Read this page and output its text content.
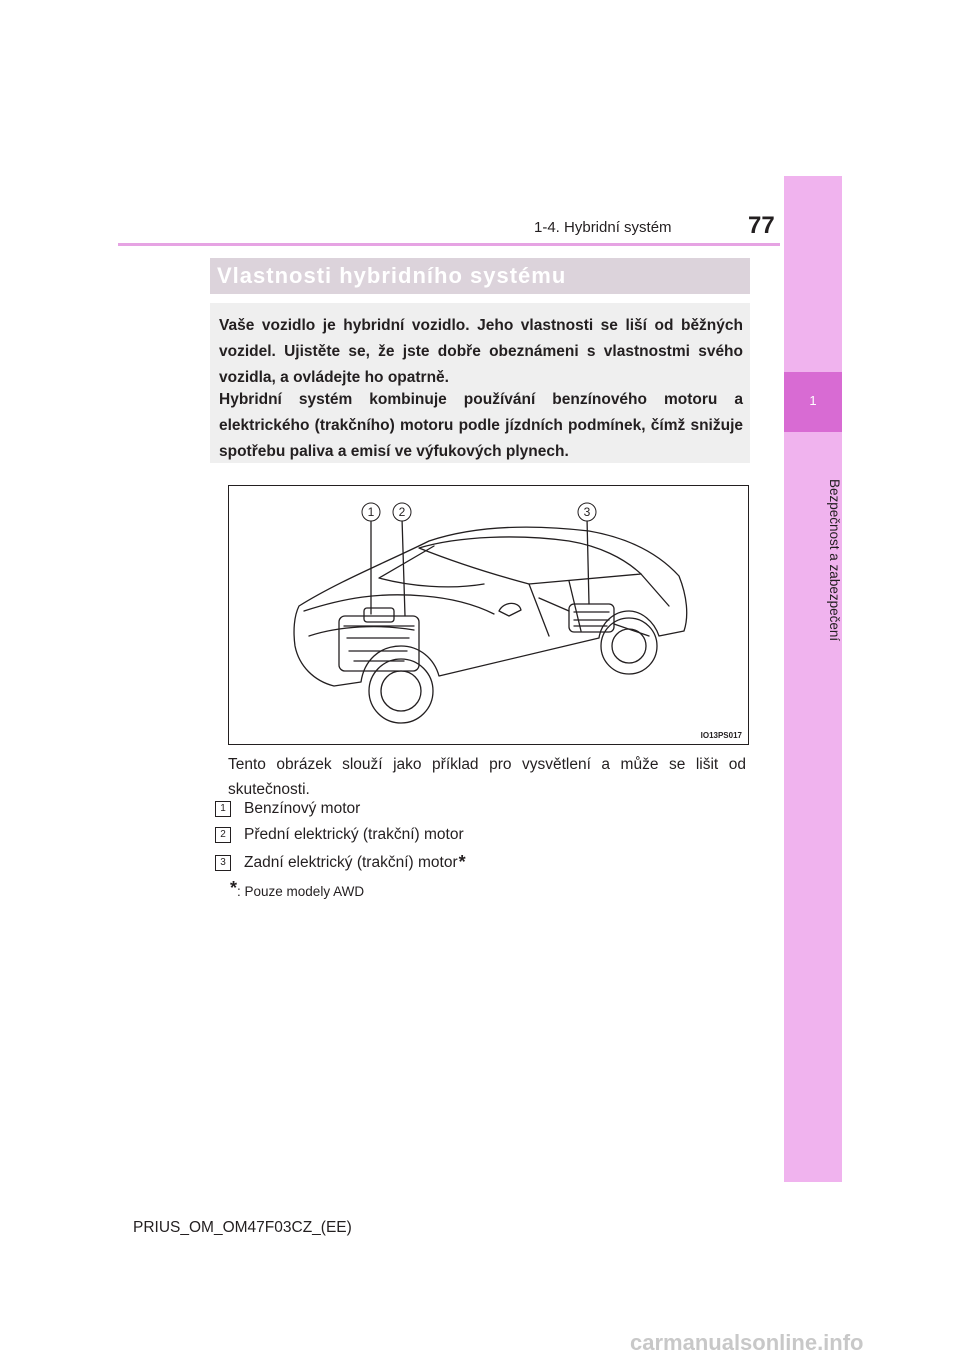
1-4. Hybridní systém	77
1
Bezpečnost a zabezpečení
Vlastnosti hybridního systému

Vaše vozidlo je hybridní vozidlo. Jeho vlastnosti se liší od běžných vozidel. Ujistěte se, že jste dobře obeznámeni s vlastnostmi svého vozidla, a ovládejte ho opatrně.

Hybridní systém kombinuje používání benzínového motoru a elektrického (trakčního) motoru podle jízdních podmínek, čímž snižuje spotřebu paliva a emisí ve výfukových plynech.

1 2	3
IO13PS017

Tento obrázek slouží jako příklad pro vysvětlení a může se lišit od skutečnosti.

1	Benzínový motor
2	Přední elektrický (trakční) motor
3	Zadní elektrický (trakční) motor *
*: Pouze modely AWD
PRIUS_OM_OM47F03CZ_(EE)
carmanualsonline.info
